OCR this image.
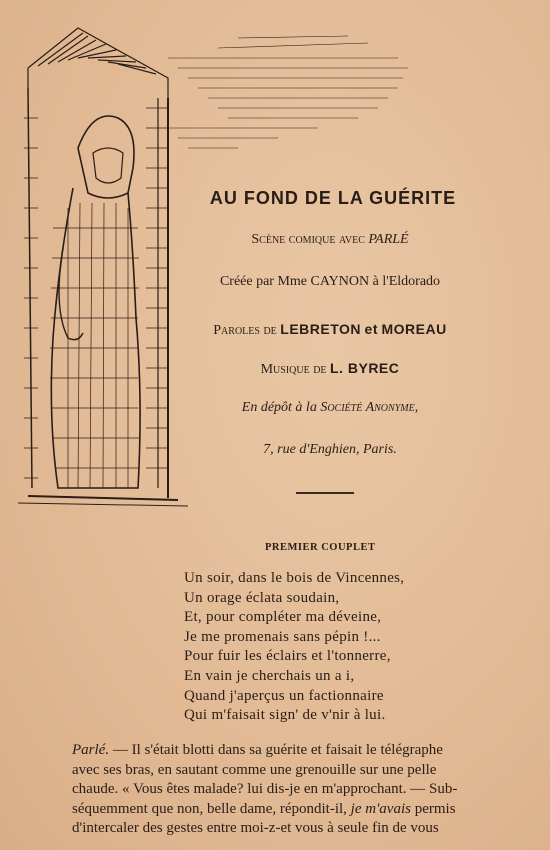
AU FOND DE LA GUÉRITE
Scène comique avec PARLÉ
Créée par Mme CAYNON à l'Eldorado
Paroles de LEBRETON et MOREAU
Musique de L. BYREC
En dépôt à la Société Anonyme,
7, rue d'Enghien, Paris.
PREMIER COUPLET
Un soir, dans le bois de Vincennes,
Un orage éclata soudain,
Et, pour compléter ma déveine,
Je me promenais sans pépin !...
Pour fuir les éclairs et l'tonnerre,
En vain je cherchais un a i,
Quand j'aperçus un factionnaire
Qui m'faisait sign' de v'nir à lui.
Parlé. — Il s'était blotti dans sa guérite et faisait le télégraphe
avec ses bras, en sautant comme une grenouille sur une pelle
chaude. « Vous êtes malade? lui dis-je en m'approchant. — Sub-
séquemment que non, belle dame, répondit-il, je m'avais permis
d'intercaler des gestes entre moi-z-et vous à seule fin de vous
